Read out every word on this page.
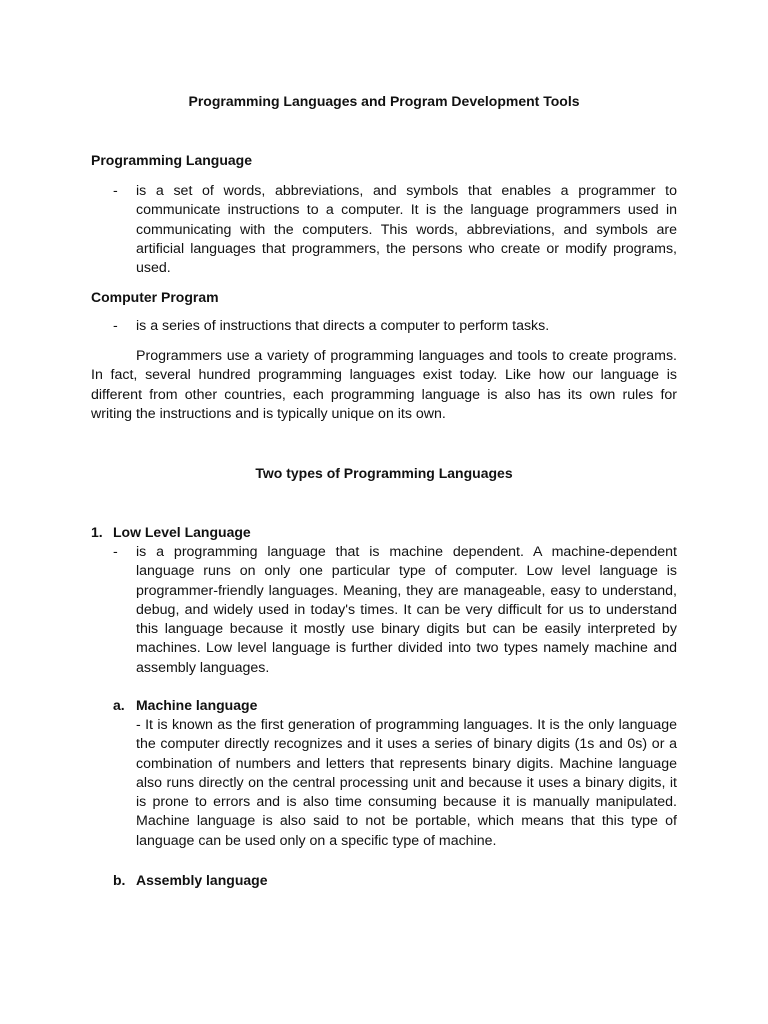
Programming Languages and Program Development Tools
Programming Language
- is a set of words, abbreviations, and symbols that enables a programmer to communicate instructions to a computer. It is the language programmers used in communicating with the computers. This words, abbreviations, and symbols are artificial languages that programmers, the persons who create or modify programs, used.
Computer Program
- is a series of instructions that directs a computer to perform tasks.
Programmers use a variety of programming languages and tools to create programs. In fact, several hundred programming languages exist today. Like how our language is different from other countries, each programming language is also has its own rules for writing the instructions and is typically unique on its own.
Two types of Programming Languages
1. Low Level Language
- is a programming language that is machine dependent. A machine-dependent language runs on only one particular type of computer. Low level language is programmer-friendly languages. Meaning, they are manageable, easy to understand, debug, and widely used in today's times. It can be very difficult for us to understand this language because it mostly use binary digits but can be easily interpreted by machines. Low level language is further divided into two types namely machine and assembly languages.
a. Machine language
- It is known as the first generation of programming languages. It is the only language the computer directly recognizes and it uses a series of binary digits (1s and 0s) or a combination of numbers and letters that represents binary digits. Machine language also runs directly on the central processing unit and because it uses a binary digits, it is prone to errors and is also time consuming because it is manually manipulated. Machine language is also said to not be portable, which means that this type of language can be used only on a specific type of machine.
b. Assembly language
